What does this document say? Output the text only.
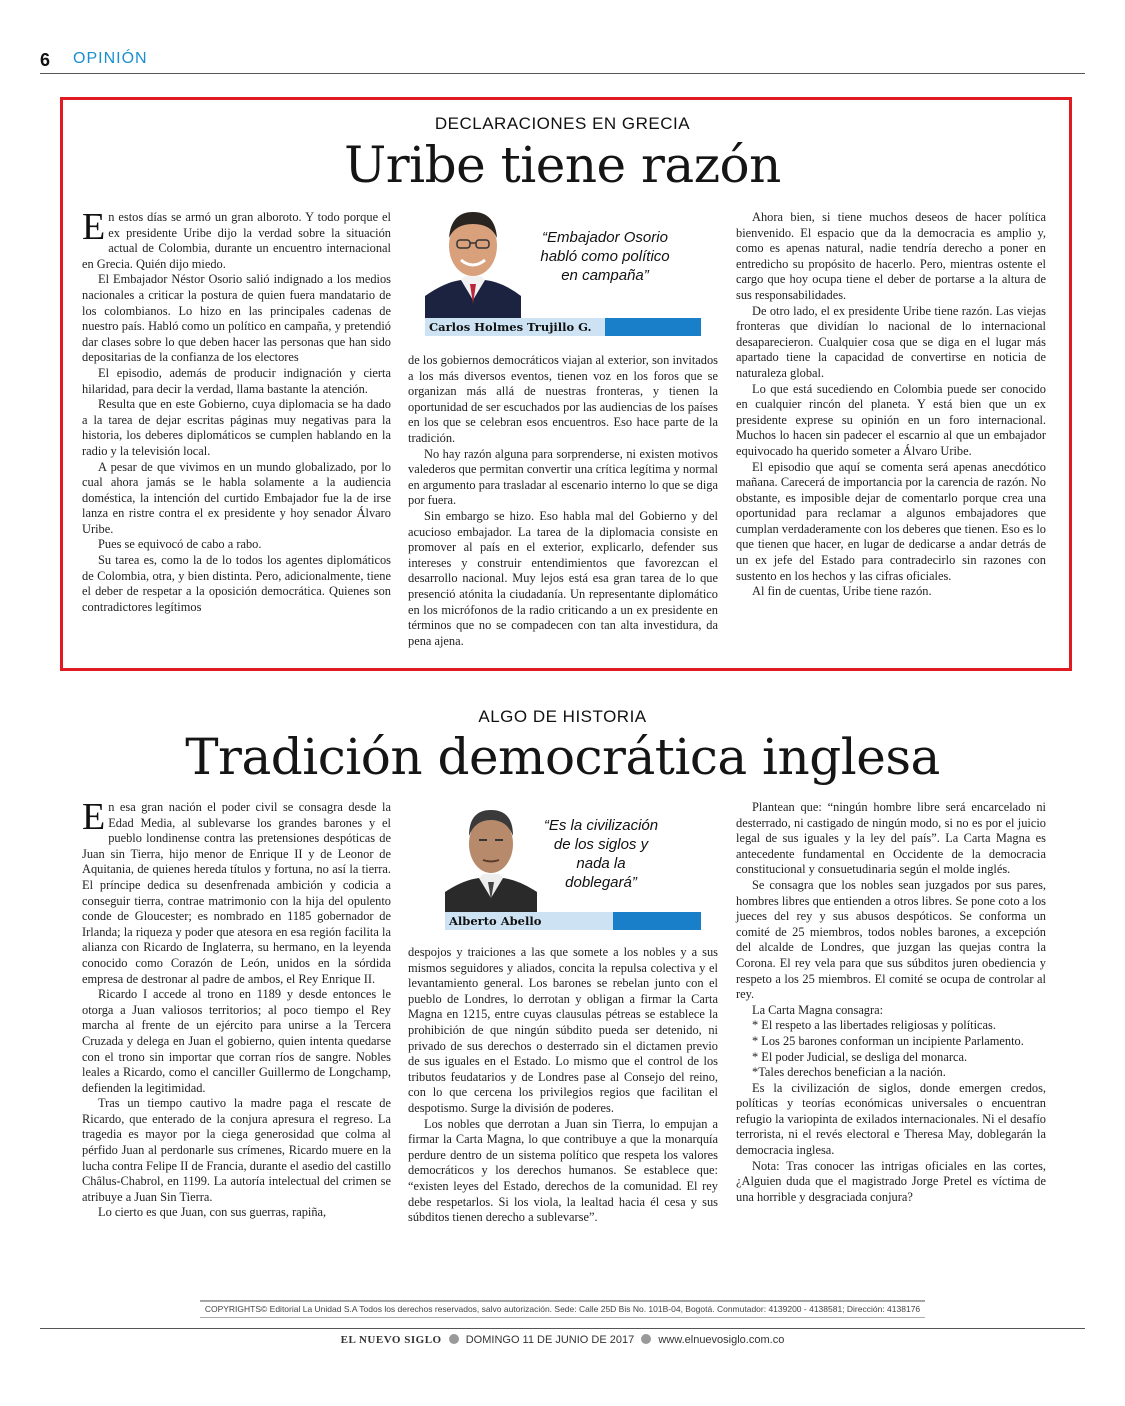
6 OPINIÓN
DECLARACIONES EN GRECIA
Uribe tiene razón

En estos días se armó un gran alboroto. Y todo porque el ex presidente Uribe dijo la verdad sobre la situación actual de Colombia, durante un encuentro internacional en Grecia. Quién dijo miedo.

El Embajador Néstor Osorio salió indignado a los medios nacionales a criticar la postura de quien fuera mandatario de los colombianos. Lo hizo en las principales cadenas de nuestro país. Habló como un político en campaña, y pretendió dar clases sobre lo que deben hacer las personas que han sido depositarias de la confianza de los electores

El episodio, además de producir indignación y cierta hilaridad, para decir la verdad, llama bastante la atención.

Resulta que en este Gobierno, cuya diplomacia se ha dado a la tarea de dejar escritas páginas muy negativas para la historia, los deberes diplomáticos se cumplen hablando en la radio y la televisión local.

A pesar de que vivimos en un mundo globalizado, por lo cual ahora jamás se le habla solamente a la audiencia doméstica, la intención del curtido Embajador fue la de irse lanza en ristre contra el ex presidente y hoy senador Álvaro Uribe.

Pues se equivocó de cabo a rabo.

Su tarea es, como la de lo todos los agentes diplomáticos de Colombia, otra, y bien distinta. Pero, adicionalmente, tiene el deber de respetar a la oposición democrática. Quienes son contradictores legítimos

“Embajador Osorio habló como político en campaña”
Carlos Holmes Trujillo G.

de los gobiernos democráticos viajan al exterior, son invitados a los más diversos eventos, tienen voz en los foros que se organizan más allá de nuestras fronteras, y tienen la oportunidad de ser escuchados por las audiencias de los países en los que se celebran esos encuentros. Eso hace parte de la tradición.

No hay razón alguna para sorprenderse, ni existen motivos valederos que permitan convertir una crítica legítima y normal en argumento para trasladar al escenario interno lo que se diga por fuera.

Sin embargo se hizo. Eso habla mal del Gobierno y del acucioso embajador. La tarea de la diplomacia consiste en promover al país en el exterior, explicarlo, defender sus intereses y construir entendimientos que favorezcan el desarrollo nacional. Muy lejos está esa gran tarea de lo que presenció atónita la ciudadanía. Un representante diplomático en los micrófonos de la radio criticando a un ex presidente en términos que no se compadecen con tan alta investidura, da pena ajena.

Ahora bien, si tiene muchos deseos de hacer política bienvenido. El espacio que da la democracia es amplio y, como es apenas natural, nadie tendría derecho a poner en entredicho su propósito de hacerlo. Pero, mientras ostente el cargo que hoy ocupa tiene el deber de portarse a la altura de sus responsabilidades.

De otro lado, el ex presidente Uribe tiene razón. Las viejas fronteras que dividían lo nacional de lo internacional desaparecieron. Cualquier cosa que se diga en el lugar más apartado tiene la capacidad de convertirse en noticia de naturaleza global.

Lo que está sucediendo en Colombia puede ser conocido en cualquier rincón del planeta. Y está bien que un ex presidente exprese su opinión en un foro internacional. Muchos lo hacen sin padecer el escarnio al que un embajador equivocado ha querido someter a Álvaro Uribe.

El episodio que aquí se comenta será apenas anecdótico mañana. Carecerá de importancia por la carencia de razón. No obstante, es imposible dejar de comentarlo porque crea una oportunidad para reclamar a algunos embajadores que cumplan verdaderamente con los deberes que tienen. Eso es lo que tienen que hacer, en lugar de dedicarse a andar detrás de un ex jefe del Estado para contradecirlo sin razones con sustento en los hechos y las cifras oficiales.

Al fin de cuentas, Uribe tiene razón.

ALGO DE HISTORIA
Tradición democrática inglesa

En esa gran nación el poder civil se consagra desde la Edad Media, al sublevarse los grandes barones y el pueblo londinense contra las pretensiones despóticas de Juan sin Tierra, hijo menor de Enrique II y de Leonor de Aquitania, de quienes hereda títulos y fortuna, no así la tierra. El príncipe dedica su desenfrenada ambición y codicia a conseguir tierra, contrae matrimonio con la hija del opulento conde de Gloucester; es nombrado en 1185 gobernador de Irlanda; la riqueza y poder que atesora en esa región facilita la alianza con Ricardo de Inglaterra, su hermano, en la leyenda conocido como Corazón de León, unidos en la sórdida empresa de destronar al padre de ambos, el Rey Enrique II.

Ricardo I accede al trono en 1189 y desde entonces le otorga a Juan valiosos territorios; al poco tiempo el Rey marcha al frente de un ejército para unirse a la Tercera Cruzada y delega en Juan el gobierno, quien intenta quedarse con el trono sin importar que corran ríos de sangre. Nobles leales a Ricardo, como el canciller Guillermo de Longchamp, defienden la legitimidad.

Tras un tiempo cautivo la madre paga el rescate de Ricardo, que enterado de la conjura apresura el regreso. La tragedia es mayor por la ciega generosidad que colma al pérfido Juan al perdonarle sus crímenes, Ricardo muere en la lucha contra Felipe II de Francia, durante el asedio del castillo Châlus-Chabrol, en 1199. La autoría intelectual del crimen se atribuye a Juan Sin Tierra.

Lo cierto es que Juan, con sus guerras, rapiña,

“Es la civilización de los siglos y nada la doblegará”
Alberto Abello

despojos y traiciones a las que somete a los nobles y a sus mismos seguidores y aliados, concita la repulsa colectiva y el levantamiento general. Los barones se rebelan junto con el pueblo de Londres, lo derrotan y obligan a firmar la Carta Magna en 1215, entre cuyas clausulas pétreas se establece la prohibición de que ningún súbdito pueda ser detenido, ni privado de sus derechos o desterrado sin el dictamen previo de sus iguales en el Estado. Lo mismo que el control de los tributos feudatarios y de Londres pase al Consejo del reino, con lo que cercena los privilegios regios que facilitan el despotismo. Surge la división de poderes.

Los nobles que derrotan a Juan sin Tierra, lo empujan a firmar la Carta Magna, lo que contribuye a que la monarquía perdure dentro de un sistema político que respeta los valores democráticos y los derechos humanos. Se establece que: “existen leyes del Estado, derechos de la comunidad. El rey debe respetarlos. Si los viola, la lealtad hacia él cesa y sus súbditos tienen derecho a sublevarse”.

Plantean que: “ningún hombre libre será encarcelado ni desterrado, ni castigado de ningún modo, si no es por el juicio legal de sus iguales y la ley del país”. La Carta Magna es antecedente fundamental en Occidente de la democracia constitucional y consuetudinaria según el molde inglés.

Se consagra que los nobles sean juzgados por sus pares, hombres libres que entienden a otros libres. Se pone coto a los jueces del rey y sus abusos despóticos. Se conforma un comité de 25 miembros, todos nobles barones, a excepción del alcalde de Londres, que juzgan las quejas contra la Corona. El rey vela para que sus súbditos juren obediencia y respeto a los 25 miembros. El comité se ocupa de controlar al rey.

La Carta Magna consagra:

* El respeto a las libertades religiosas y políticas.

* Los 25 barones conforman un incipiente Parlamento.

* El poder Judicial, se desliga del monarca.

*Tales derechos benefician a la nación.

Es la civilización de siglos, donde emergen credos, políticas y teorías económicas universales o encuentran refugio la variopinta de exilados internacionales. Ni el desafío terrorista, ni el revés electoral e Theresa May, doblegarán la democracia inglesa.

Nota: Tras conocer las intrigas oficiales en las cortes, ¿Alguien duda que el magistrado Jorge Pretel es víctima de una horrible y desgraciada conjura?

COPYRIGHTS© Editorial La Unidad S.A Todos los derechos reservados, salvo autorización. Sede: Calle 25D Bis No. 101B-04, Bogotá. Conmutador: 4139200 - 4138581; Dirección: 4138176
EL NUEVO SIGLO DOMINGO 11 DE JUNIO DE 2017 www.elnuevosiglo.com.co
